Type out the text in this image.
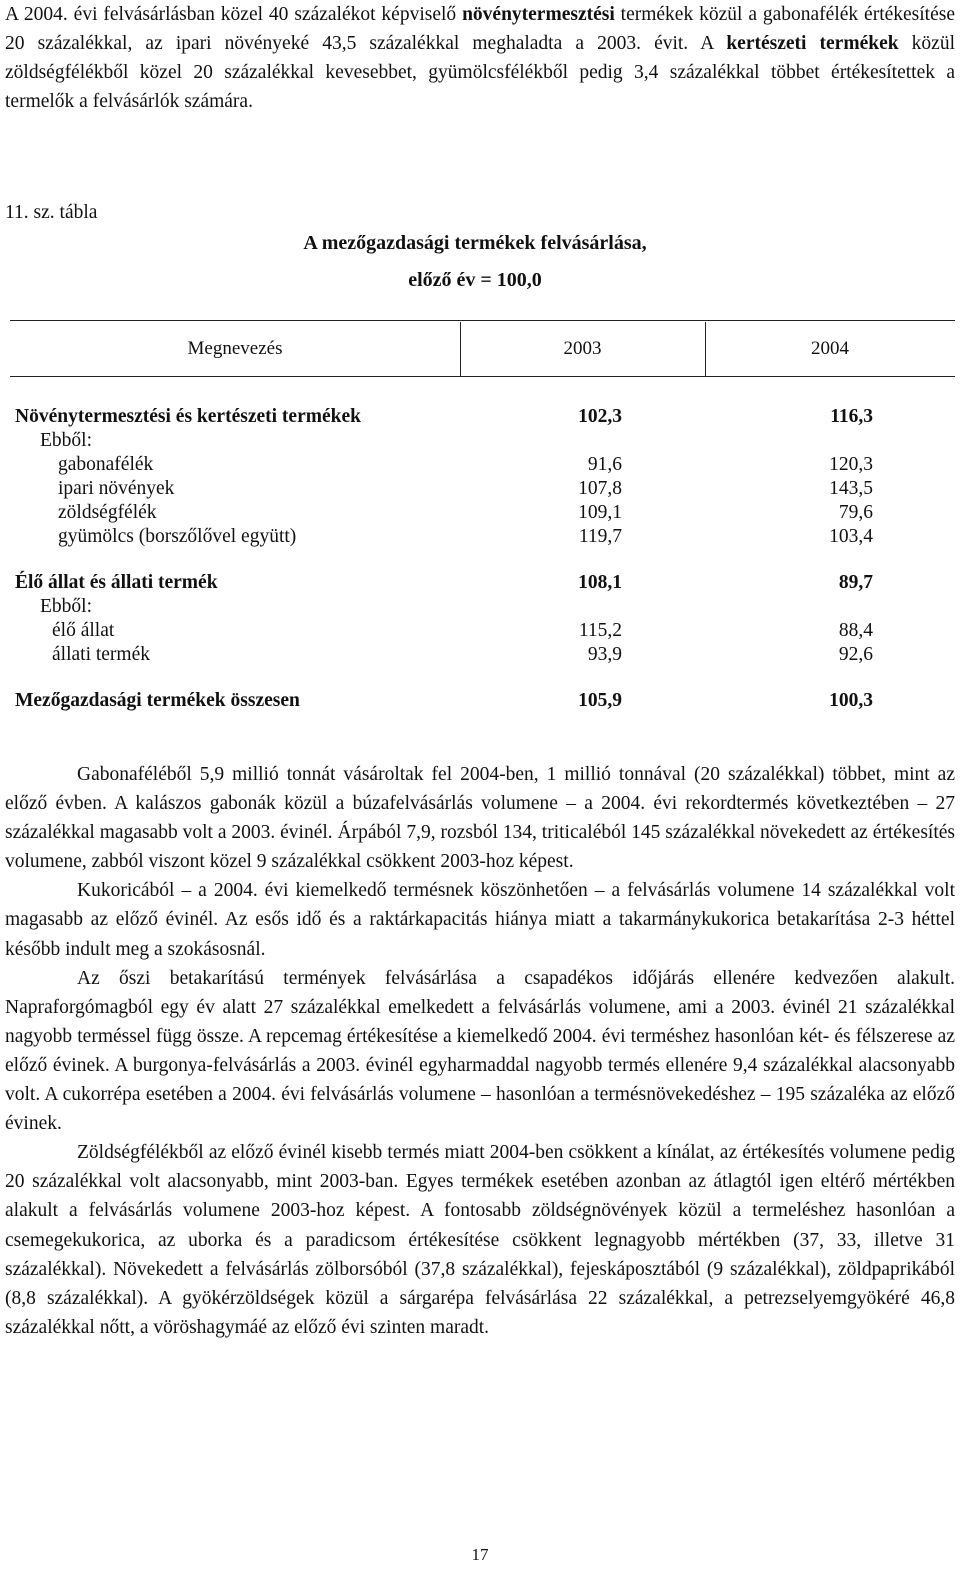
A 2004. évi felvásárlásban közel 40 százalékot képviselő növénytermesztési termékek közül a gabonafélék értékesítése 20 százalékkal, az ipari növényeké 43,5 százalékkal meghaladta a 2003. évit. A kertészeti termékek közül zöldségfélékből közel 20 százalékkal kevesebbet, gyümölcsfélékből pedig 3,4 százalékkal többet értékesítettek a termelők a felvásárlók számára.

11. sz. tábla
A mezőgazdasági termékek felvásárlása,
előző év = 100,0
Megnevezés	2003	2004
Növénytermesztési és kertészeti termékek	102,3	116,3
Ebből:
gabonafélék	91,6	120,3
ipari növények	107,8	143,5
zöldségfélék	109,1	79,6
gyümölcs (borszőlővel együtt)	119,7	103,4
Élő állat és állati termék	108,1	89,7
Ebből:
élő állat	115,2	88,4
állati termék	93,9	92,6
Mezőgazdasági termékek összesen	105,9	100,3

Gabonaféléből 5,9 millió tonnát vásároltak fel 2004-ben, 1 millió tonnával (20 százalékkal) többet, mint az előző évben. A kalászos gabonák közül a búzafelvásárlás volumene – a 2004. évi rekordtermés következtében – 27 százalékkal magasabb volt a 2003. évinél. Árpából 7,9, rozsból 134, triticaléból 145 százalékkal növekedett az értékesítés volumene, zabból viszont közel 9 százalékkal csökkent 2003-hoz képest.

Kukoricából – a 2004. évi kiemelkedő termésnek köszönhetően – a felvásárlás volumene 14 százalékkal volt magasabb az előző évinél. Az esős idő és a raktárkapacitás hiánya miatt a takarmánykukorica betakarítása 2-3 héttel később indult meg a szokásosnál.

Az őszi betakarítású termények felvásárlása a csapadékos időjárás ellenére kedvezően alakult. Napraforgómagból egy év alatt 27 százalékkal emelkedett a felvásárlás volumene, ami a 2003. évinél 21 százalékkal nagyobb terméssel függ össze. A repcemag értékesítése a kiemelkedő 2004. évi terméshez hasonlóan két- és félszerese az előző évinek. A burgonya-felvásárlás a 2003. évinél egyharmaddal nagyobb termés ellenére 9,4 százalékkal alacsonyabb volt. A cukorrépa esetében a 2004. évi felvásárlás volumene – hasonlóan a termésnövekedéshez – 195 százaléka az előző évinek.

Zöldségfélékből az előző évinél kisebb termés miatt 2004-ben csökkent a kínálat, az értékesítés volumene pedig 20 százalékkal volt alacsonyabb, mint 2003-ban. Egyes termékek esetében azonban az átlagtól igen eltérő mértékben alakult a felvásárlás volumene 2003-hoz képest. A fontosabb zöldségnövények közül a termeléshez hasonlóan a csemegekukorica, az uborka és a paradicsom értékesítése csökkent legnagyobb mértékben (37, 33, illetve 31 százalékkal). Növekedett a felvásárlás zölborsóból (37,8 százalékkal), fejeskáposztából (9 százalékkal), zöldpaprikából (8,8 százalékkal). A gyökérzöldségek közül a sárgarépa felvásárlása 22 százalékkal, a petrezselyemgyökéré 46,8 százalékkal nőtt, a vöröshagymáé az előző évi szinten maradt.

17
